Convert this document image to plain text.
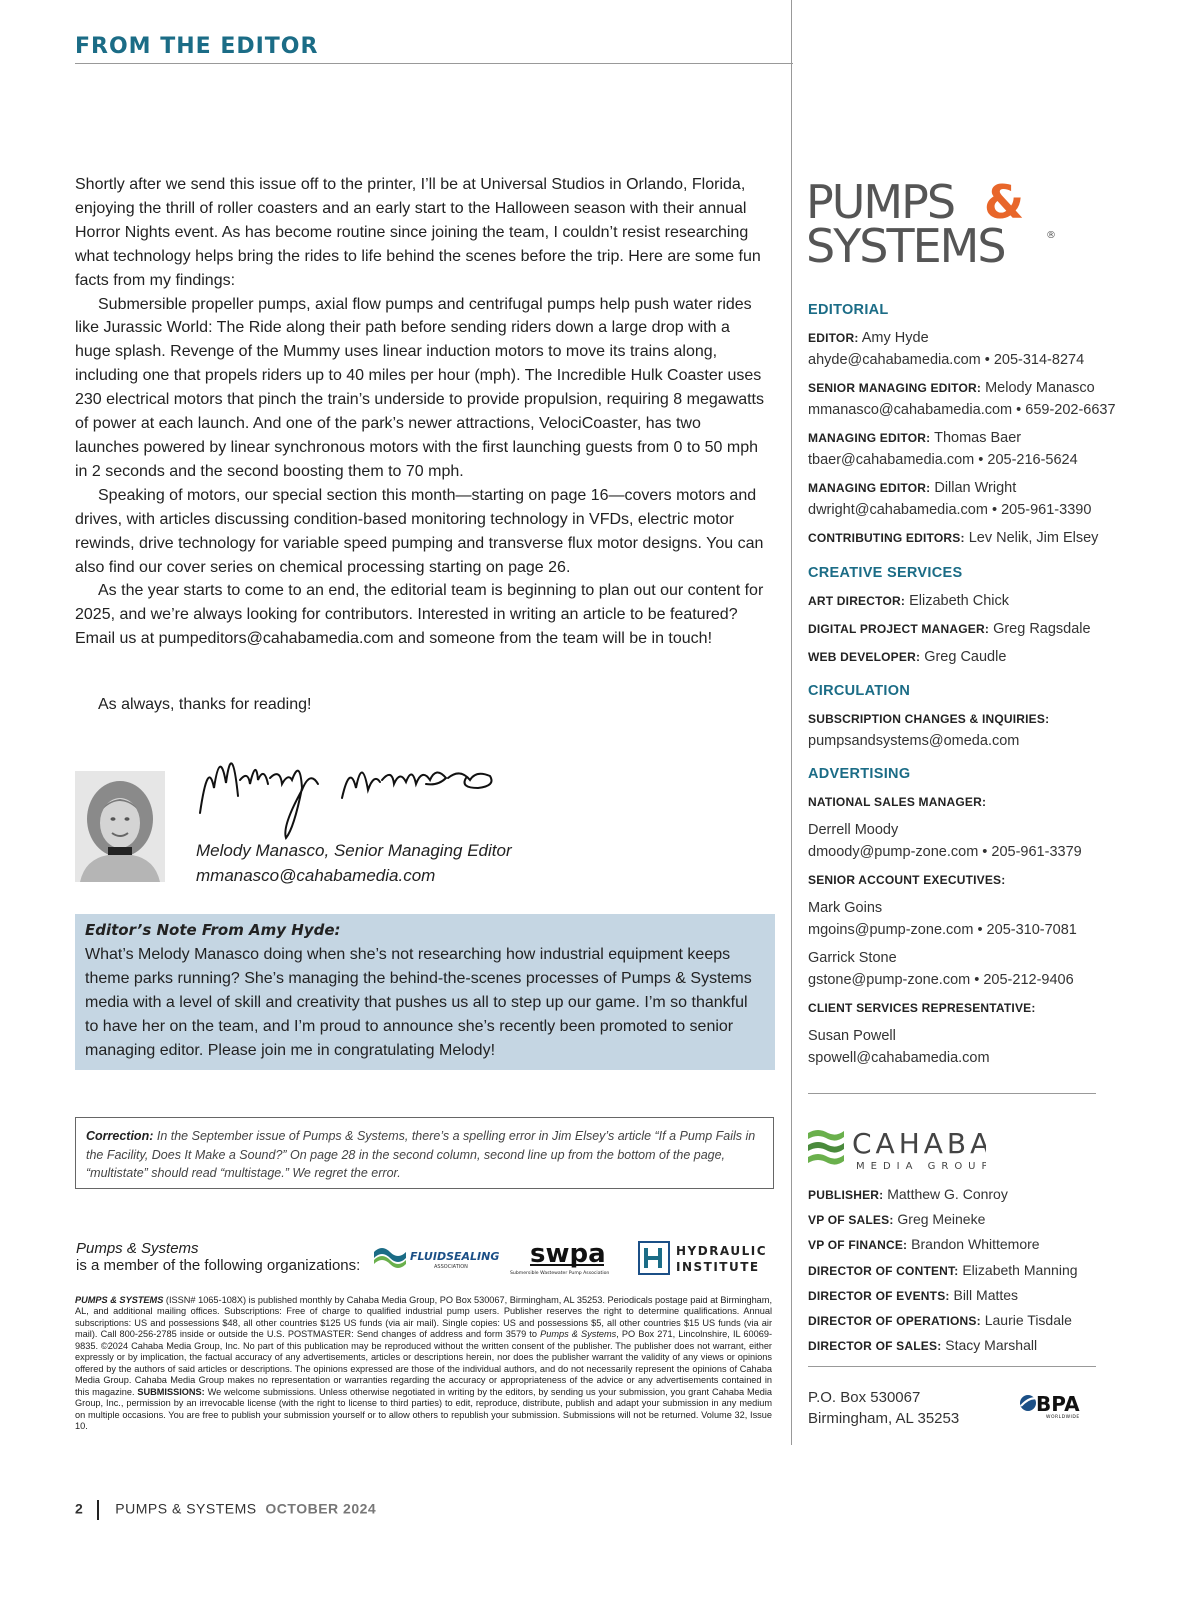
FROM THE EDITOR

Shortly after we send this issue off to the printer, I’ll be at Universal Studios in Orlando, Florida, enjoying the thrill of roller coasters and an early start to the Halloween season with their annual Horror Nights event. As has become routine since joining the team, I couldn’t resist researching what technology helps bring the rides to life behind the scenes before the trip. Here are some fun facts from my findings:

Submersible propeller pumps, axial flow pumps and centrifugal pumps help push water rides like Jurassic World: The Ride along their path before sending riders down a large drop with a huge splash. Revenge of the Mummy uses linear induction motors to move its trains along, including one that propels riders up to 40 miles per hour (mph). The Incredible Hulk Coaster uses 230 electrical motors that pinch the train’s underside to provide propulsion, requiring 8 megawatts of power at each launch. And one of the park’s newer attractions, VelociCoaster, has two launches powered by linear synchronous motors with the first launching guests from 0 to 50 mph in 2 seconds and the second boosting them to 70 mph.

Speaking of motors, our special section this month—starting on page 16—covers motors and drives, with articles discussing condition-based monitoring technology in VFDs, electric motor rewinds, drive technology for variable speed pumping and transverse flux motor designs. You can also find our cover series on chemical processing starting on page 26.

As the year starts to come to an end, the editorial team is beginning to plan out our content for 2025, and we’re always looking for contributors. Interested in writing an article to be featured? Email us at pumpeditors@cahabamedia.com and someone from the team will be in touch!

As always, thanks for reading!
Melody Manasco, Senior Managing Editor
mmanasco@cahabamedia.com
Editor’s Note From Amy Hyde:
What’s Melody Manasco doing when she’s not researching how industrial equipment keeps theme parks running? She’s managing the behind-the-scenes processes of Pumps & Systems media with a level of skill and creativity that pushes us all to step up our game. I’m so thankful to have her on the team, and I’m proud to announce she’s recently been promoted to senior managing editor. Please join me in congratulating Melody!
Correction: In the September issue of Pumps & Systems, there’s a spelling error in Jim Elsey’s article “If a Pump Fails in the Facility, Does It Make a Sound?” On page 28 in the second column, second line up from the bottom of the page, “multistate” should read “multistage.” We regret the error.
Pumps & Systems
is a member of the following organizations:
FLUIDSEALING
ASSOCIATION swpa
Submersible Wastewater Pump Association
HYDRAULIC
INSTITUTE
PUMPS & SYSTEMS (ISSN# 1065-108X) is published monthly by Cahaba Media Group, PO Box 530067, Birmingham, AL 35253. Periodicals postage paid at Birmingham, AL, and additional mailing offices. Subscriptions: Free of charge to qualified industrial pump users. Publisher reserves the right to determine qualifications. Annual subscriptions: US and possessions $48, all other countries $125 US funds (via air mail). Single copies: US and possessions $5, all other countries $15 US funds (via air mail). Call 800-256-2785 inside or outside the U.S. POSTMASTER: Send changes of address and form 3579 to Pumps & Systems, PO Box 271, Lincolnshire, IL 60069-9835. ©2024 Cahaba Media Group, Inc. No part of this publication may be reproduced without the written consent of the publisher. The publisher does not warrant, either expressly or by implication, the factual accuracy of any advertisements, articles or descriptions herein, nor does the publisher warrant the validity of any views or opinions offered by the authors of said articles or descriptions. The opinions expressed are those of the individual authors, and do not necessarily represent the opinions of Cahaba Media Group. Cahaba Media Group makes no representation or warranties regarding the accuracy or appropriateness of the advice or any advertisements contained in this magazine. SUBMISSIONS: We welcome submissions. Unless otherwise negotiated in writing by the editors, by sending us your submission, you grant Cahaba Media Group, Inc., permission by an irrevocable license (with the right to license to third parties) to edit, reproduce, distribute, publish and adapt your submission in any medium on multiple occasions. You are free to publish your submission yourself or to allow others to republish your submission. Submissions will not be returned. Volume 32, Issue 10.
2 PUMPS & SYSTEMS OCTOBER 2024
PUMPS &
SYSTEMS	®
EDITORIAL
EDITOR: Amy Hyde
ahyde@cahabamedia.com • 205-314-8274
SENIOR MANAGING EDITOR: Melody Manasco
mmanasco@cahabamedia.com • 659-202-6637
MANAGING EDITOR: Thomas Baer
tbaer@cahabamedia.com • 205-216-5624
MANAGING EDITOR: Dillan Wright
dwright@cahabamedia.com • 205-961-3390
CONTRIBUTING EDITORS: Lev Nelik, Jim Elsey
CREATIVE SERVICES
ART DIRECTOR: Elizabeth Chick
DIGITAL PROJECT MANAGER: Greg Ragsdale
WEB DEVELOPER: Greg Caudle
CIRCULATION
SUBSCRIPTION CHANGES & INQUIRIES:
pumpsandsystems@omeda.com
ADVERTISING
NATIONAL SALES MANAGER:
Derrell Moody
dmoody@pump-zone.com • 205-961-3379
SENIOR ACCOUNT EXECUTIVES:
Mark Goins
mgoins@pump-zone.com • 205-310-7081
Garrick Stone
gstone@pump-zone.com • 205-212-9406
CLIENT SERVICES REPRESENTATIVE:
Susan Powell
spowell@cahabamedia.com
CAHABA
MEDIA GROUP
PUBLISHER: Matthew G. Conroy
VP OF SALES: Greg Meineke
VP OF FINANCE: Brandon Whittemore
DIRECTOR OF CONTENT: Elizabeth Manning
DIRECTOR OF EVENTS: Bill Mattes
DIRECTOR OF OPERATIONS: Laurie Tisdale
DIRECTOR OF SALES: Stacy Marshall
P.O. Box 530067
Birmingham, AL 35253
BPA
WORLDWIDE
